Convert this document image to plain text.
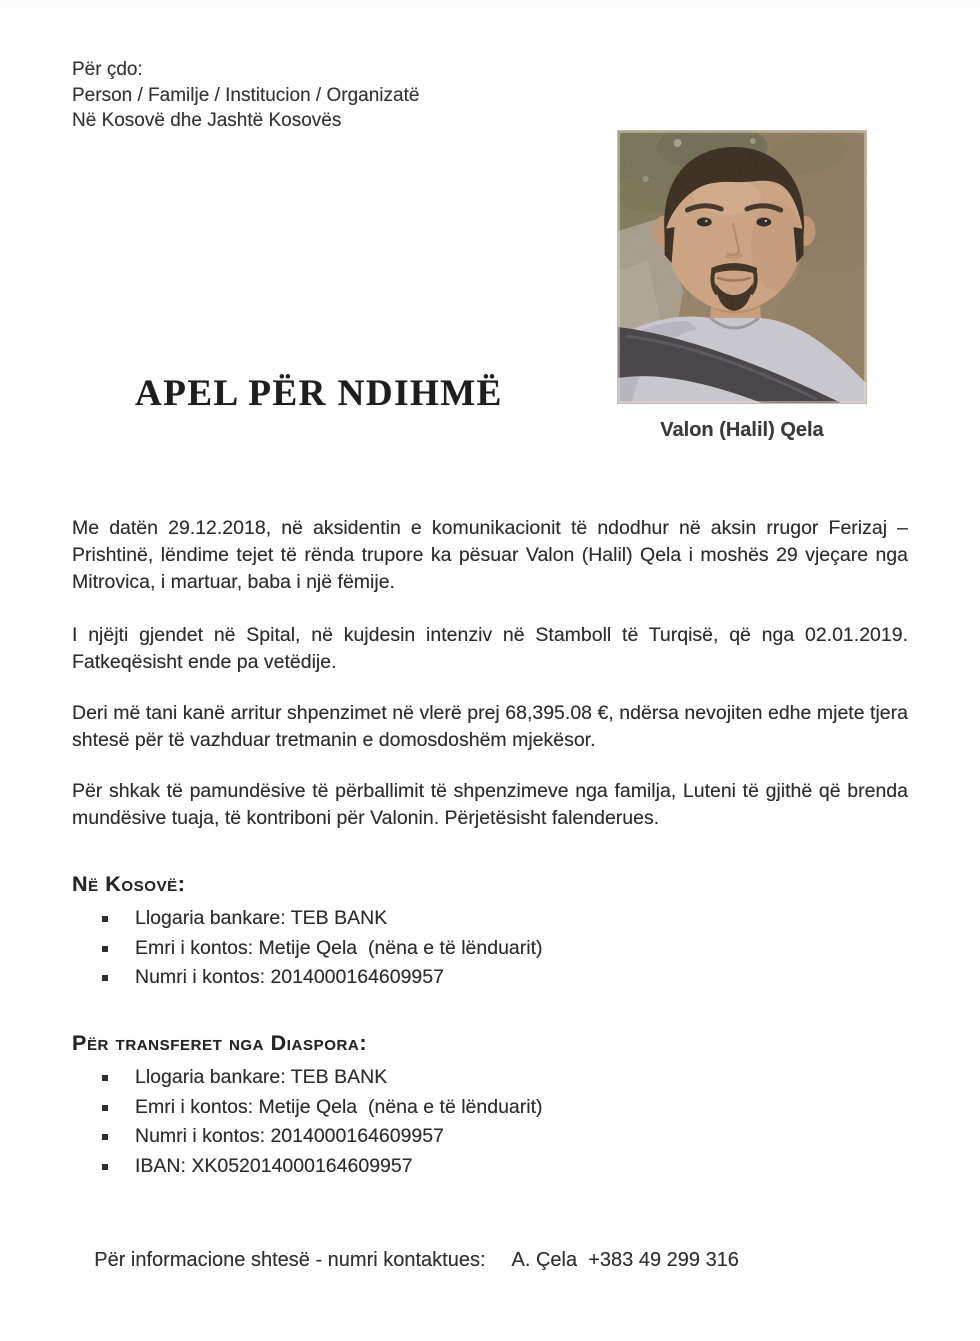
Për çdo:
Person / Familje / Institucion / Organizatë
Në Kosovë dhe Jashtë Kosovës
APEL PËR NDIHMË
Valon (Halil) Qela

Me datën 29.12.2018, në aksidentin e komunikacionit të ndodhur në aksin rrugor Ferizaj – Prishtinë, lëndime tejet të rënda trupore ka pësuar Valon (Halil) Qela i moshës 29 vjeçare nga Mitrovica, i martuar, baba i një fëmije.

I njëjti gjendet në Spital, në kujdesin intenziv në Stamboll të Turqisë, që nga 02.01.2019. Fatkeqësisht ende pa vetëdije.

Deri më tani kanë arritur shpenzimet në vlerë prej 68,395.08 €, ndërsa nevojiten edhe mjete tjera shtesë për të vazhduar tretmanin e domosdoshëm mjekësor.

Për shkak të pamundësive të përballimit të shpenzimeve nga familja, Luteni të gjithë që brenda mundësive tuaja, të kontriboni për Valonin. Përjetësisht falenderues.

Në Kosovë:
Llogaria bankare: TEB BANK
Emri i kontos: Metije Qela  (nëna e të lënduarit)
Numri i kontos: 2014000164609957
Për transferet nga Diaspora:
Llogaria bankare: TEB BANK
Emri i kontos: Metije Qela  (nëna e të lënduarit)
Numri i kontos: 2014000164609957
IBAN: XK052014000164609957

Për informacione shtesë - numri kontaktues: A. Çela  +383 49 299 316
